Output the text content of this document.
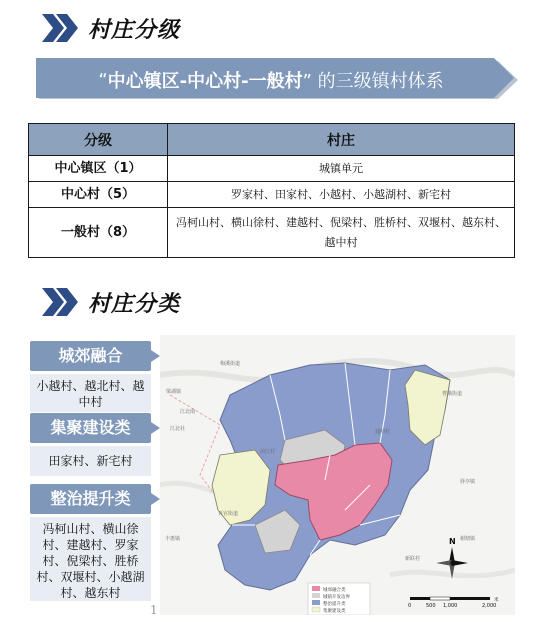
村庄分级
“ 中心镇区-中心村-一般村 ” 的三级镇村体系
分级	村庄
中心镇区（1）	城镇单元
中心村（5）	罗家村、田家村、小越村、小越湖村、新宅村
一般村（8）	冯柯山村、横山徐村、建越村、倪梁村、胜桥村、双堰村、越东村、越中村
村庄分类
城郊融合
小越村、越北村、越中村
集聚建设类
田家村、新宅村
整治提升类
冯柯山村、横山徐村、建越村、罗家村、倪梁村、胜桥村、双堰村、小越湖村、越东村	城郊融合类
城镇开发边界
整治提升类
集聚建设类
N
0	500 1,000	2,000
米
梁湖镇
梅溪街道
江北南
江北社
曹娥街道
百官街道
驿亭镇
丰惠镇	谢塘镇
通明村
前江村
新联村
1
